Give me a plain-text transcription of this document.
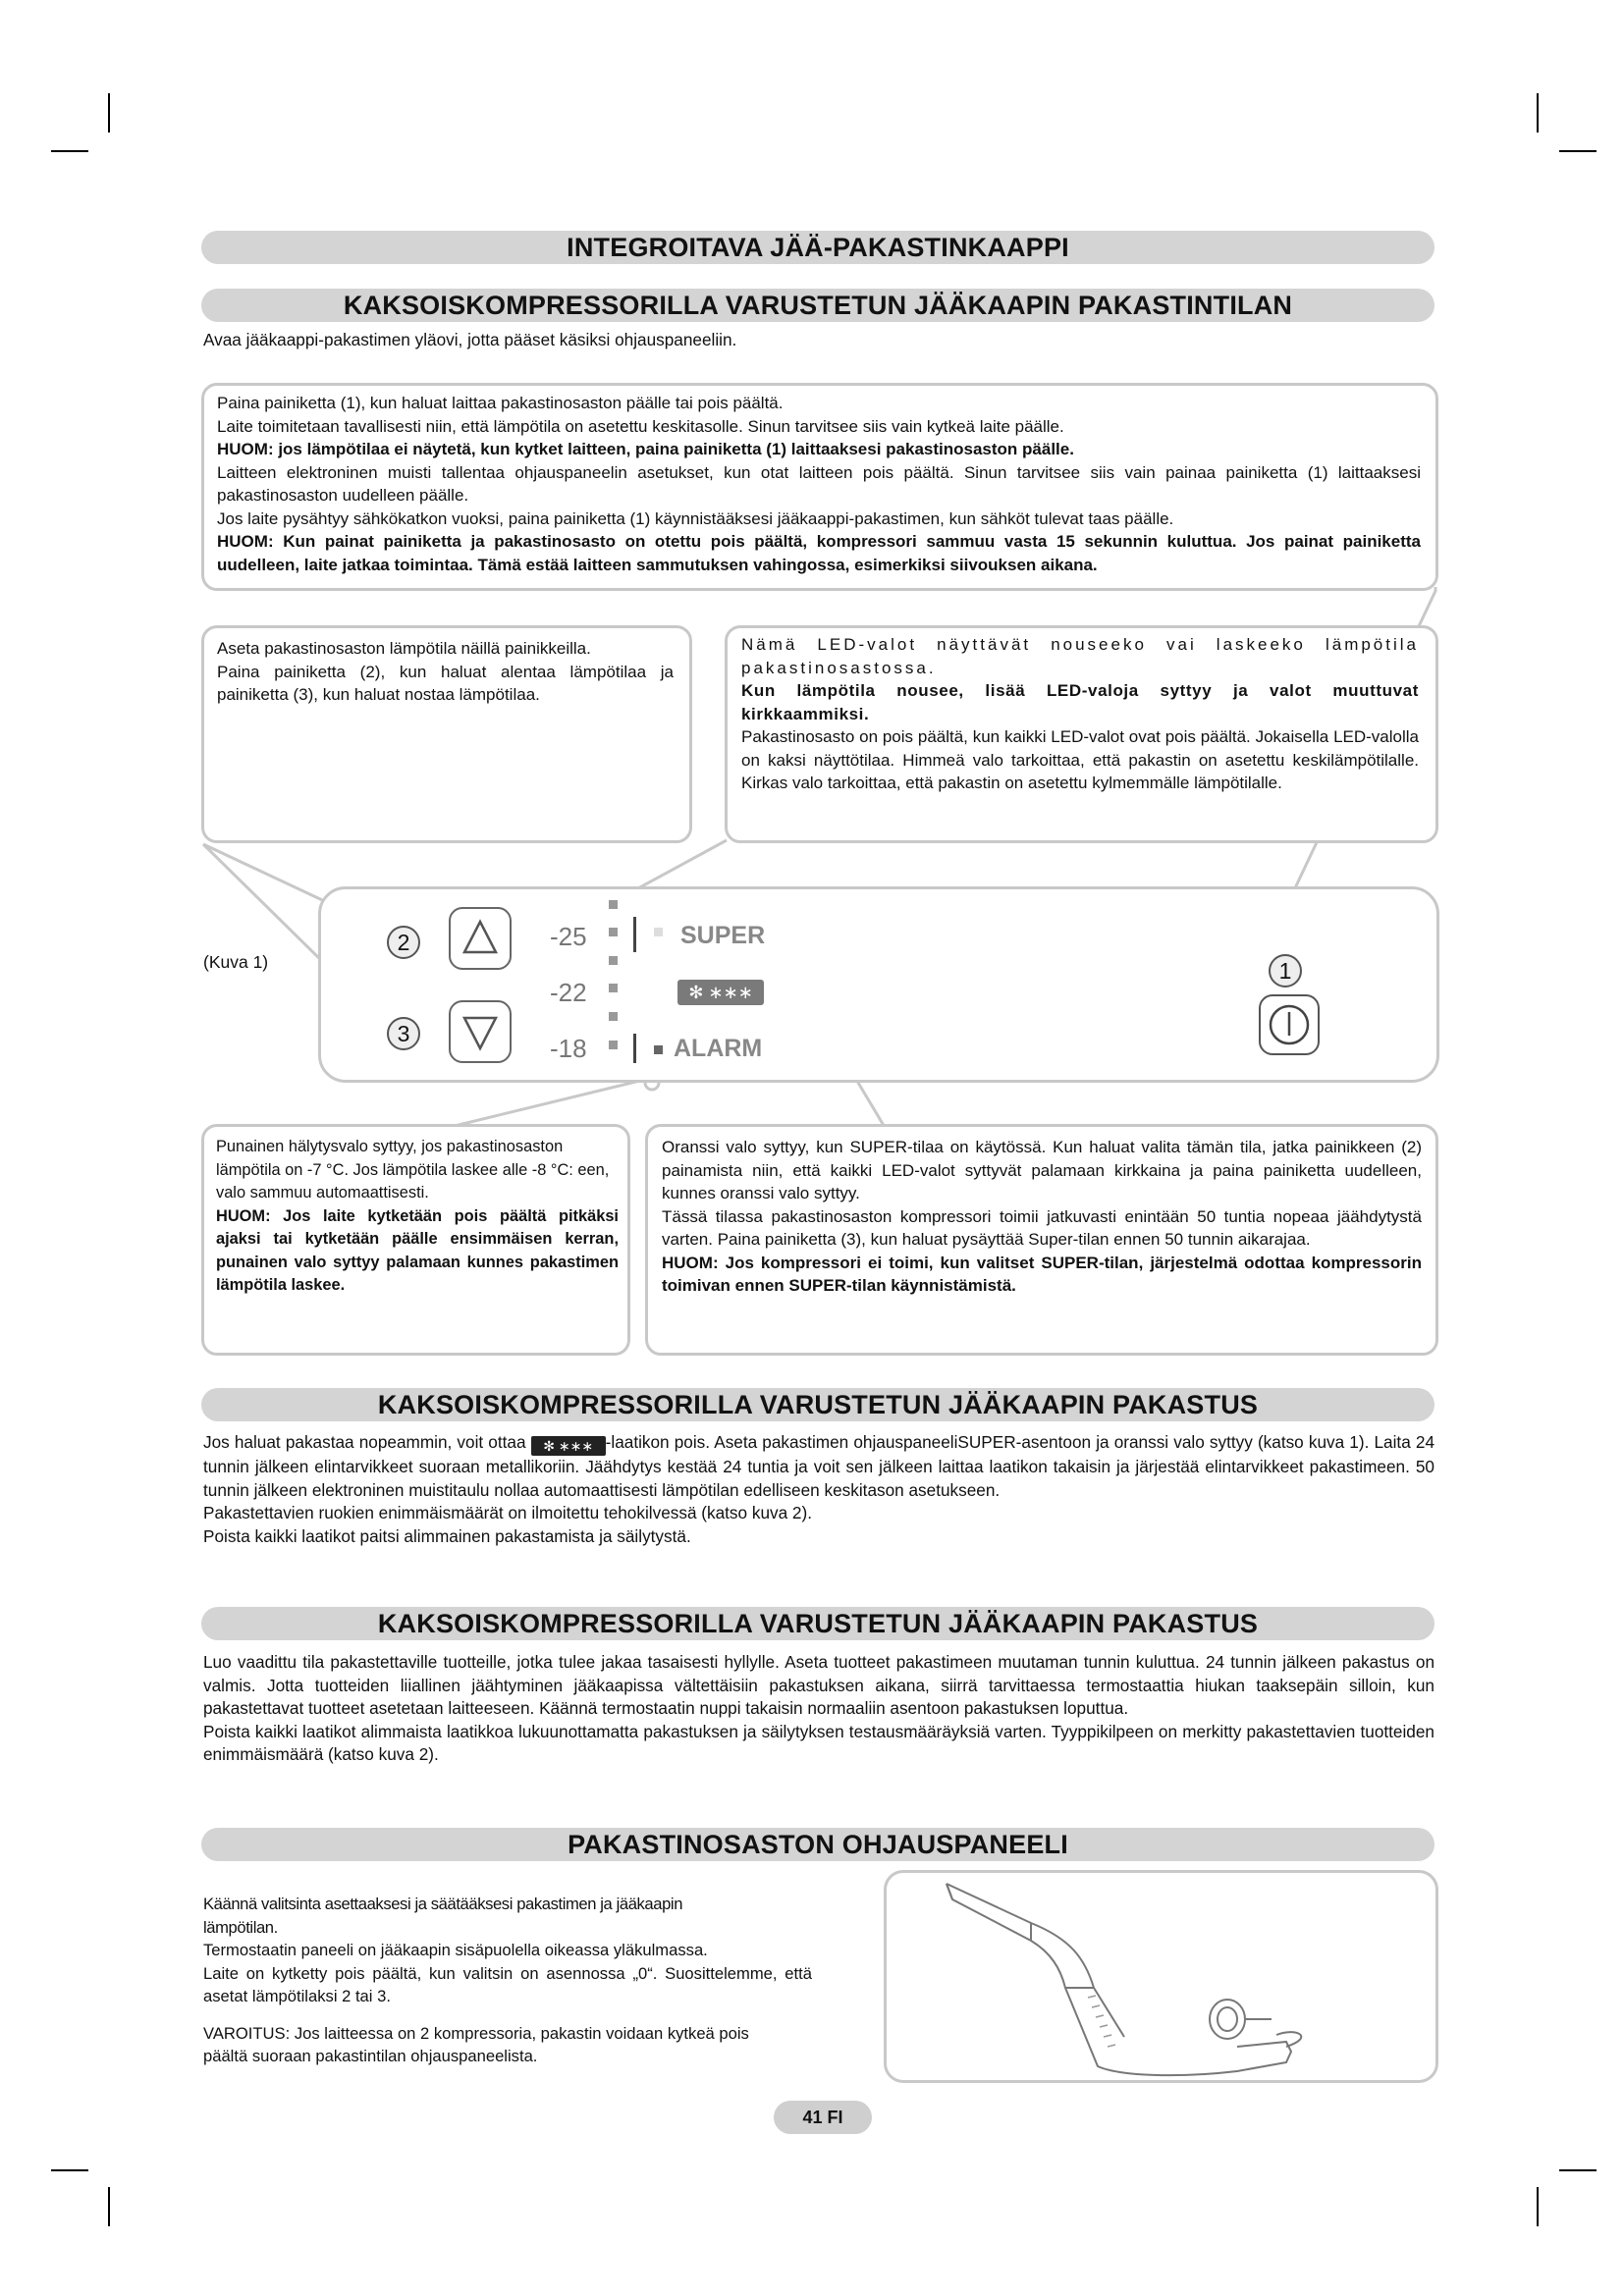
INTEGROITAVA JÄÄ-PAKASTINKAAPPI
KAKSOISKOMPRESSORILLA VARUSTETUN JÄÄKAAPIN PAKASTINTILAN
Avaa jääkaappi-pakastimen yläovi, jotta pääset käsiksi ohjauspaneeliin.

Paina painiketta (1), kun haluat laittaa pakastinosaston päälle tai pois päältä.

Laite toimitetaan tavallisesti niin, että lämpötila on asetettu keskitasolle. Sinun tarvitsee siis vain kytkeä laite päälle.

HUOM: jos lämpötilaa ei näytetä, kun kytket laitteen, paina painiketta (1) laittaaksesi pakastinosaston päälle.

Laitteen elektroninen muisti tallentaa ohjauspaneelin asetukset, kun otat laitteen pois päältä. Sinun tarvitsee siis vain painaa painiketta (1) laittaaksesi pakastinosaston uudelleen päälle.

Jos laite pysähtyy sähkökatkon vuoksi, paina painiketta (1) käynnistääksesi jääkaappi-pakastimen, kun sähköt tulevat taas päälle.

HUOM: Kun painat painiketta ja pakastinosasto on otettu pois päältä, kompressori sammuu vasta 15 sekunnin kuluttua. Jos painat painiketta uudelleen, laite jatkaa toimintaa. Tämä estää laitteen sammutuksen vahingossa, esimerkiksi siivouksen aikana.

Aseta pakastinosaston lämpötila näillä painikkeilla.

Paina painiketta (2), kun haluat alentaa lämpötilaa ja painiketta (3), kun haluat nostaa lämpötilaa.

Nämä LED-valot näyttävät nouseeko vai laskeeko lämpötila pakastinosastossa.

Kun lämpötila nousee, lisää LED-valoja syttyy ja valot muuttuvat kirkkaammiksi.

Pakastinosasto on pois päältä, kun kaikki LED-valot ovat pois päältä. Jokaisella LED-valolla on kaksi näyttötilaa. Himmeä valo tarkoittaa, että pakastin on asetettu keskilämpötilalle. Kirkas valo tarkoittaa, että pakastin on asetettu kylmemmälle lämpötilalle.

(Kuva 1)
2
3
1
-25
-22
-18
SUPER
✻ ∗∗∗
ALARM

Punainen hälytysvalo syttyy, jos pakastinosaston lämpötila on -7 °C. Jos lämpötila laskee alle -8 °C: een, valo sammuu automaattisesti.

HUOM: Jos laite kytketään pois päältä pitkäksi ajaksi tai kytketään päälle ensimmäisen kerran, punainen valo syttyy palamaan kunnes pakastimen lämpötila laskee.

Oranssi valo syttyy, kun SUPER-tilaa on käytössä. Kun haluat valita tämän tila, jatka painikkeen (2) painamista niin, että kaikki LED-valot syttyvät palamaan kirkkaina ja paina painiketta uudelleen, kunnes oranssi valo syttyy.

Tässä tilassa pakastinosaston kompressori toimii jatkuvasti enintään 50 tuntia nopeaa jäähdytystä varten. Paina painiketta (3), kun haluat pysäyttää Super-tilan ennen 50 tunnin aikarajaa.

HUOM: Jos kompressori ei toimi, kun valitset SUPER-tilan, järjestelmä odottaa kompressorin toimivan ennen SUPER-tilan käynnistämistä.

KAKSOISKOMPRESSORILLA VARUSTETUN JÄÄKAAPIN PAKASTUS

Jos haluat pakastaa nopeammin, voit ottaa ✻ ∗∗∗ -laatikon pois. Aseta pakastimen ohjauspaneeliSUPER-asentoon ja oranssi valo syttyy (katso kuva 1). Laita 24 tunnin jälkeen elintarvikkeet suoraan metallikoriin. Jäähdytys kestää 24 tuntia ja voit sen jälkeen laittaa laatikon takaisin ja järjestää elintarvikkeet pakastimeen. 50 tunnin jälkeen elektroninen muistitaulu nollaa automaattisesti lämpötilan edelliseen keskitason asetukseen.

Pakastettavien ruokien enimmäismäärät on ilmoitettu tehokilvessä (katso kuva 2).

Poista kaikki laatikot paitsi alimmainen pakastamista ja säilytystä.

KAKSOISKOMPRESSORILLA VARUSTETUN JÄÄKAAPIN PAKASTUS

Luo vaadittu tila pakastettaville tuotteille, jotka tulee jakaa tasaisesti hyllylle. Aseta tuotteet pakastimeen muutaman tunnin kuluttua. 24 tunnin jälkeen pakastus on valmis. Jotta tuotteiden liiallinen jäähtyminen jääkaapissa vältettäisiin pakastuksen aikana, siirrä tarvittaessa termostaattia hiukan taaksepäin silloin, kun pakastettavat tuotteet asetetaan laitteeseen. Käännä termostaatin nuppi takaisin normaaliin asentoon pakastuksen loputtua.

Poista kaikki laatikot alimmaista laatikkoa lukuunottamatta pakastuksen ja säilytyksen testausmääräyksiä varten. Tyyppikilpeen on merkitty pakastettavien tuotteiden enimmäismäärä (katso kuva 2).

PAKASTINOSASTON OHJAUSPANEELI

Käännä valitsinta asettaaksesi ja säätääksesi pakastimen ja jääkaapin lämpötilan.

Termostaatin paneeli on jääkaapin sisäpuolella oikeassa yläkulmassa.

Laite on kytketty pois päältä, kun valitsin on asennossa „0“. Suosittelemme, että asetat lämpötilaksi 2 tai 3.

VAROITUS: Jos laitteessa on 2 kompressoria, pakastin voidaan kytkeä pois päältä suoraan pakastintilan ohjauspaneelista.

41 FI
